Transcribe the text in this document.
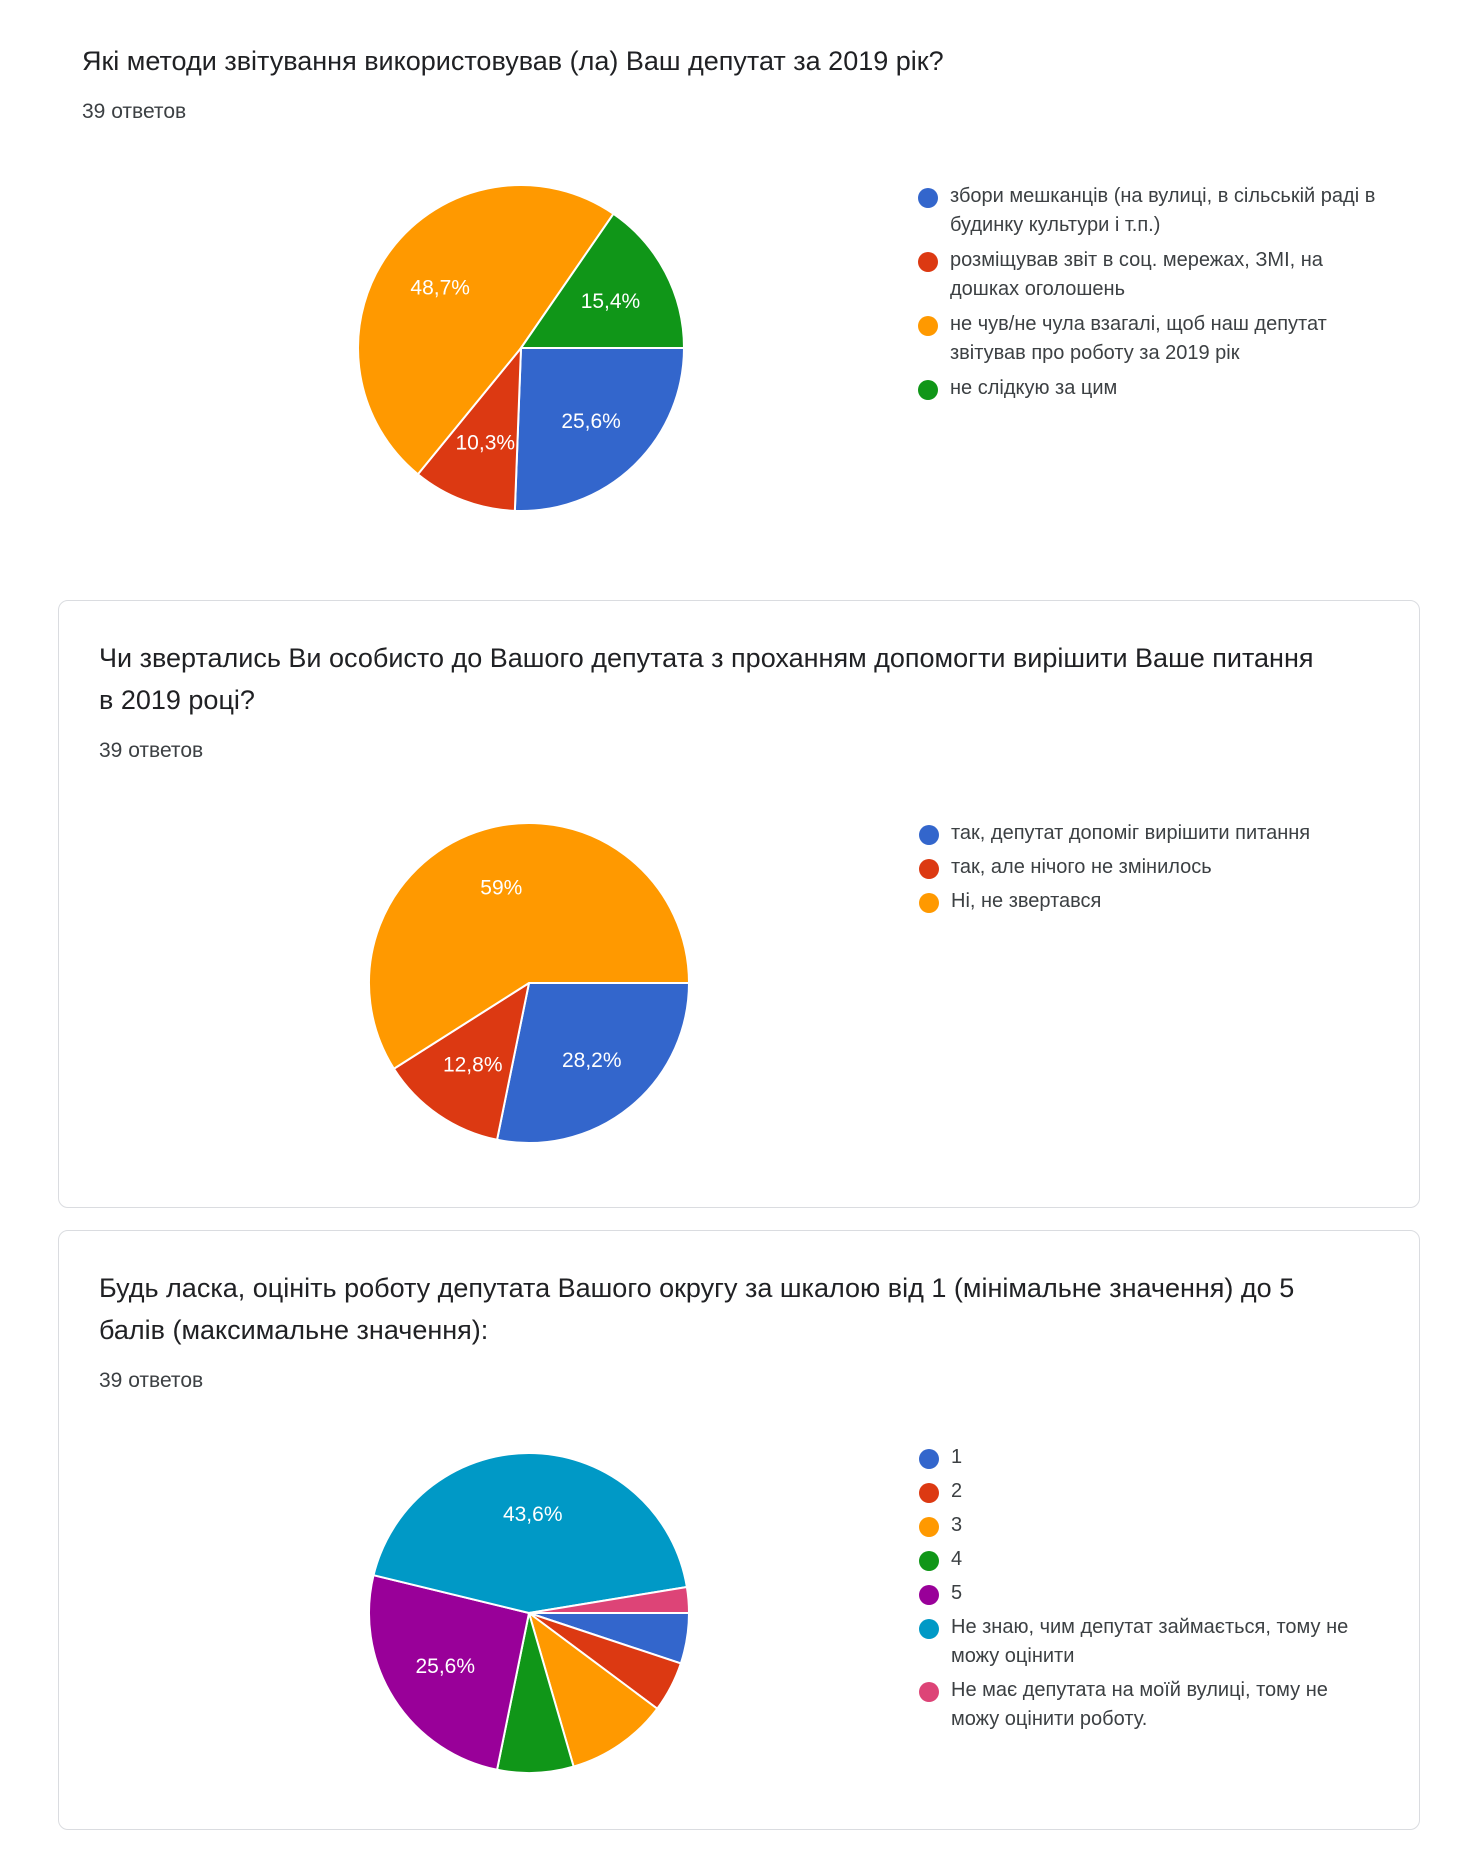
Які методи звітування використовував (ла) Ваш депутат за 2019 рік?
39 ответов
25,6%
10,3%
48,7%
15,4%
збори мешканців (на вулиці, в сільській раді в будинку культури і т.п.)
розміщував звіт в соц. мережах, ЗМІ, на дошках оголошень
не чув/не чула взагалі, щоб наш депутат звітував про роботу за 2019 рік
не слідкую за цим
Чи звертались Ви особисто до Вашого депутата з проханням допомогти вирішити Ваше питання в 2019 році?
39 ответов
28,2%
12,8%
59%
так, депутат допоміг вирішити питання
так, але нічого не змінилось
Ні, не звертався
Будь ласка, оцініть роботу депутата Вашого округу за шкалою від 1 (мінімальне значення) до 5 балів (максимальне значення):
39 ответов
25,6%
43,6%
1
2
3
4
5
Не знаю, чим депутат займається, тому не можу оцінити
Не має депутата на моїй вулиці, тому не можу оцінити роботу.
